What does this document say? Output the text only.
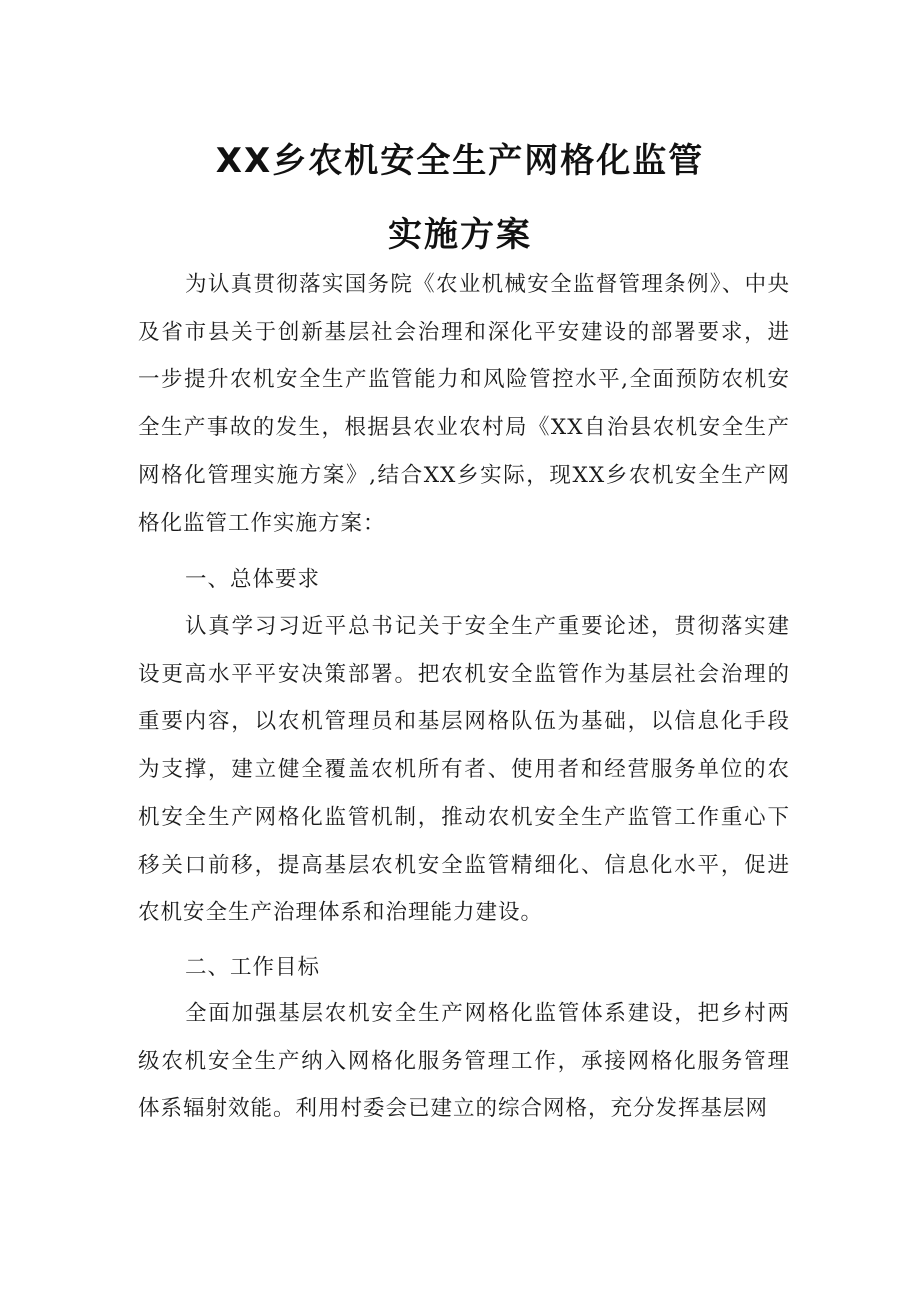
XX乡农机安全生产网格化监管
实施方案

为认真贯彻落实国务院《农业机械安全监督管理条例》、中央及省市县关于创新基层社会治理和深化平安建设的部署要求，进一步提升农机安全生产监管能力和风险管控水平,全面预防农机安全生产事故的发生，根据县农业农村局《XX自治县农机安全生产网格化管理实施方案》,结合XX乡实际，现XX乡农机安全生产网格化监管工作实施方案：

一、总体要求

认真学习习近平总书记关于安全生产重要论述，贯彻落实建设更高水平平安决策部署。把农机安全监管作为基层社会治理的重要内容，以农机管理员和基层网格队伍为基础，以信息化手段为支撑，建立健全覆盖农机所有者、使用者和经营服务单位的农机安全生产网格化监管机制，推动农机安全生产监管工作重心下移关口前移，提高基层农机安全监管精细化、信息化水平，促进农机安全生产治理体系和治理能力建设。

二、工作目标

全面加强基层农机安全生产网格化监管体系建设，把乡村两级农机安全生产纳入网格化服务管理工作，承接网格化服务管理体系辐射效能。利用村委会已建立的综合网格，充分发挥基层网
